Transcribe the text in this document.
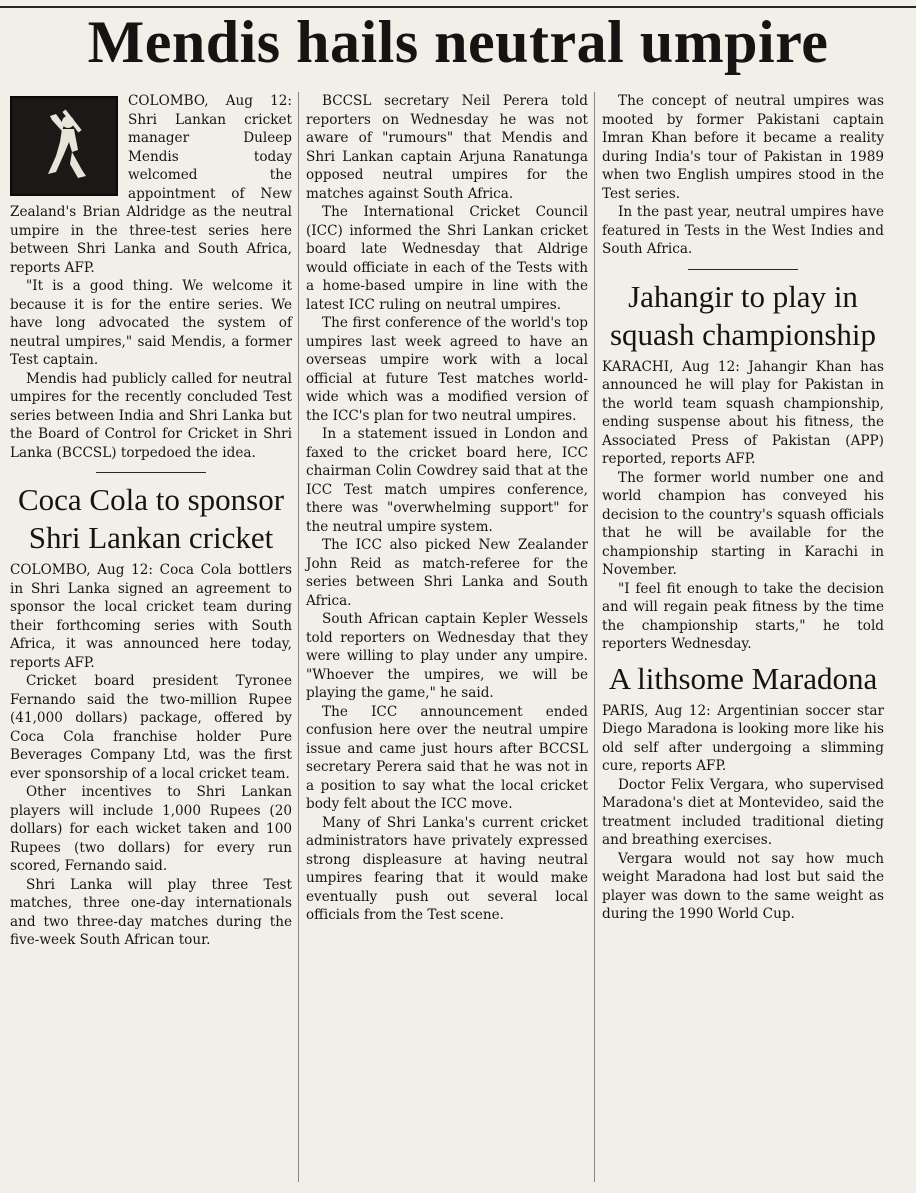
Mendis hails neutral umpire

COLOMBO, Aug 12: Shri Lankan cricket manager Duleep Mendis today welcomed the appointment of New Zealand's Brian Aldridge as the neutral umpire in the three-test series here between Shri Lanka and South Africa, reports AFP.

"It is a good thing. We welcome it because it is for the entire series. We have long advocated the system of neutral umpires," said Mendis, a former Test captain.

Mendis had publicly called for neutral umpires for the recently concluded Test series between India and Shri Lanka but the Board of Control for Cricket in Shri Lanka (BCCSL) torpedoed the idea.

Coca Cola to sponsor Shri Lankan cricket

COLOMBO, Aug 12: Coca Cola bottlers in Shri Lanka signed an agreement to sponsor the local cricket team during their forthcoming series with South Africa, it was announced here today, reports AFP.

Cricket board president Tyronee Fernando said the two-million Rupee (41,000 dollars) package, offered by Coca Cola franchise holder Pure Beverages Company Ltd, was the first ever sponsorship of a local cricket team.

Other incentives to Shri Lankan players will include 1,000 Rupees (20 dollars) for each wicket taken and 100 Rupees (two dollars) for every run scored, Fernando said.

Shri Lanka will play three Test matches, three one-day internationals and two three-day matches during the five-week South African tour.

BCCSL secretary Neil Perera told reporters on Wednesday he was not aware of "rumours" that Mendis and Shri Lankan captain Arjuna Ranatunga opposed neutral umpires for the matches against South Africa.

The International Cricket Council (ICC) informed the Shri Lankan cricket board late Wednesday that Aldrige would officiate in each of the Tests with a home-based umpire in line with the latest ICC ruling on neutral umpires.

The first conference of the world's top umpires last week agreed to have an overseas umpire work with a local official at future Test matches world-wide which was a modified version of the ICC's plan for two neutral umpires.

In a statement issued in London and faxed to the cricket board here, ICC chairman Colin Cowdrey said that at the ICC Test match umpires conference, there was "overwhelming support" for the neutral umpire system.

The ICC also picked New Zealander John Reid as match-referee for the series between Shri Lanka and South Africa.

South African captain Kepler Wessels told reporters on Wednesday that they were willing to play under any umpire. "Whoever the umpires, we will be playing the game," he said.

The ICC announcement ended confusion here over the neutral umpire issue and came just hours after BCCSL secretary Perera said that he was not in a position to say what the local cricket body felt about the ICC move.

Many of Shri Lanka's current cricket administrators have privately expressed strong displeasure at having neutral umpires fearing that it would make eventually push out several local officials from the Test scene.

The concept of neutral umpires was mooted by former Pakistani captain Imran Khan before it became a reality during India's tour of Pakistan in 1989 when two English umpires stood in the Test series.

In the past year, neutral umpires have featured in Tests in the West Indies and South Africa.

Jahangir to play in squash championship

KARACHI, Aug 12: Jahangir Khan has announced he will play for Pakistan in the world team squash championship, ending suspense about his fitness, the Associated Press of Pakistan (APP) reported, reports AFP.

The former world number one and world champion has conveyed his decision to the country's squash officials that he will be available for the championship starting in Karachi in November.

"I feel fit enough to take the decision and will regain peak fitness by the time the championship starts," he told reporters Wednesday.

A lithsome Maradona

PARIS, Aug 12: Argentinian soccer star Diego Maradona is looking more like his old self after undergoing a slimming cure, reports AFP.

Doctor Felix Vergara, who supervised Maradona's diet at Montevideo, said the treatment included traditional dieting and breathing exercises.

Vergara would not say how much weight Maradona had lost but said the player was down to the same weight as during the 1990 World Cup.
